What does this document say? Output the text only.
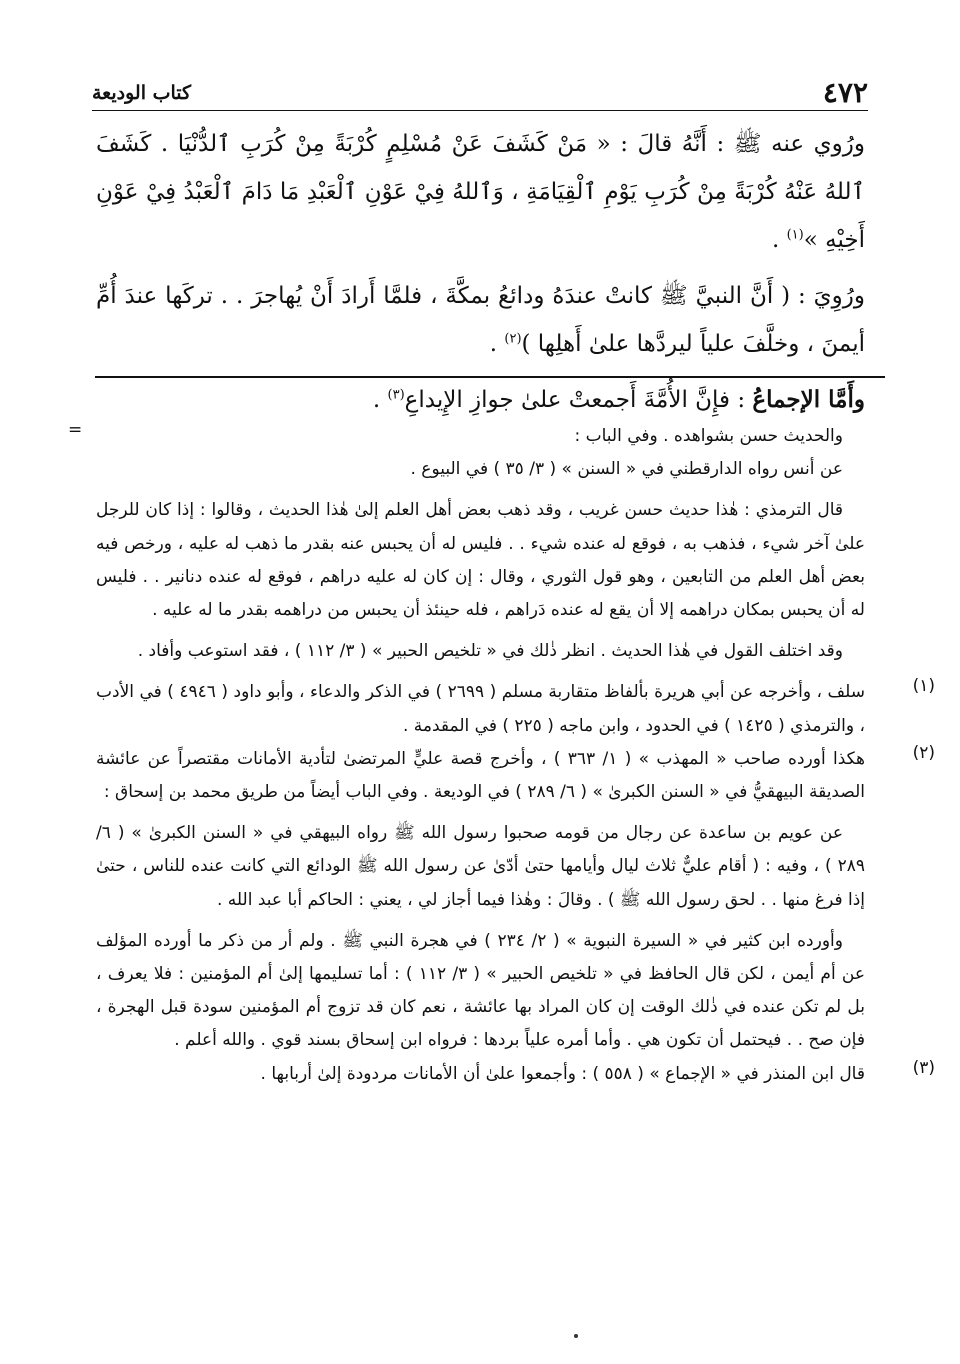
٤٧٢
كتاب الوديعة

ورُوي عنه ﷺ : أَنَّهُ قالَ : « مَنْ كَشَفَ عَنْ مُسْلِمٍ كُرْبَةً مِنْ كُرَبِ ٱلدُّنْيَا . كَشَفَ ٱللهُ عَنْهُ كُرْبَةً مِنْ كُرَبِ يَوْمِ ٱلْقِيَامَةِ ، وَٱللهُ فِيْ عَوْنِ ٱلْعَبْدِ مَا دَامَ ٱلْعَبْدُ فِيْ عَوْنِ أَخِيْهِ »$^{(١)}$ .

ورُوِيَ : ( أَنَّ النبيَّ ﷺ كانتْ عندَهُ ودائعُ بمكَّةَ ، فلمَّا أَرادَ أَنْ يُهاجرَ . . تركَها عندَ أُمِّ أيمنَ ، وخلَّفَ علياً ليردَّها علىٰ أَهلِها )$^{(٢)}$ .

وأَمَّا الإجماعُ : فإِنَّ الأُمَّةَ أَجمعتْ علىٰ جوازِ الإِيداعِ$^{(٣)}$ .

=	والحديث حسن بشواهده . وفي الباب :

عن أنس رواه الدارقطني في « السنن » ( ٣/ ٣٥ ) في البيوع .

قال الترمذي : هٰذا حديث حسن غريب ، وقد ذهب بعض أهل العلم إلىٰ هٰذا الحديث ، وقالوا : إذا كان للرجل علىٰ آخر شيء ، فذهب به ، فوقع له عنده شيء . . فليس له أن يحبس عنه بقدر ما ذهب له عليه ، ورخص فيه بعض أهل العلم من التابعين ، وهو قول الثوري ، وقال : إن كان له عليه دراهم ، فوقع له عنده دنانير . . فليس له أن يحبس بمكان دراهمه إلا أن يقع له عنده دَراهم ، فله حينئذ أن يحبس من دراهمه بقدر ما له عليه .

وقد اختلف القول في هٰذا الحديث . انظر ذٰلك في « تلخيص الحبير » ( ٣/ ١١٢ ) ، فقد استوعب وأفاد .

(١)

سلف ، وأخرجه عن أبي هريرة بألفاظ متقاربة مسلم ( ٢٦٩٩ ) في الذكر والدعاء ، وأبو داود ( ٤٩٤٦ ) في الأدب ، والترمذي ( ١٤٢٥ ) في الحدود ، وابن ماجه ( ٢٢٥ ) في المقدمة .

(٢)

هكذا أورده صاحب « المهذب » ( ١/ ٣٦٣ ) ، وأخرج قصة عليٍّ المرتضىٰ لتأدية الأمانات مقتصراً عن عائشة الصديقة البيهقيُّ في « السنن الكبرىٰ » ( ٦/ ٢٨٩ ) في الوديعة . وفي الباب أيضاً من طريق محمد بن إسحاق :

عن عويم بن ساعدة عن رجال من قومه صحبوا رسول الله ﷺ رواه البيهقي في « السنن الكبرىٰ » ( ٦/ ٢٨٩ ) ، وفيه : ( أقام عليٌّ ثلاث ليال وأيامها حتىٰ أدّىٰ عن رسول الله ﷺ الودائع التي كانت عنده للناس ، حتىٰ إذا فرغ منها . . لحق رسول الله ﷺ ) . وقالَ : وهٰذا فيما أجاز لي ، يعني : الحاكم أبا عبد الله .

وأورده ابن كثير في « السيرة النبوية » ( ٢/ ٢٣٤ ) في هجرة النبي ﷺ . ولم أر من ذكر ما أورده المؤلف عن أم أيمن ، لكن قال الحافظ في « تلخيص الحبير » ( ٣/ ١١٢ ) : أما تسليمها إلىٰ أم المؤمنين : فلا يعرف ، بل لم تكن عنده في ذٰلك الوقت إن كان المراد بها عائشة ، نعم كان قد تزوج أم المؤمنين سودة قبل الهجرة ، فإن صح . . فيحتمل أن تكون هي . وأما أمره علياً بردها : فرواه ابن إسحاق بسند قوي . والله أعلم .

(٣)

قال ابن المنذر في « الإجماع » ( ٥٥٨ ) : وأجمعوا علىٰ أن الأمانات مردودة إلىٰ أربابها .
